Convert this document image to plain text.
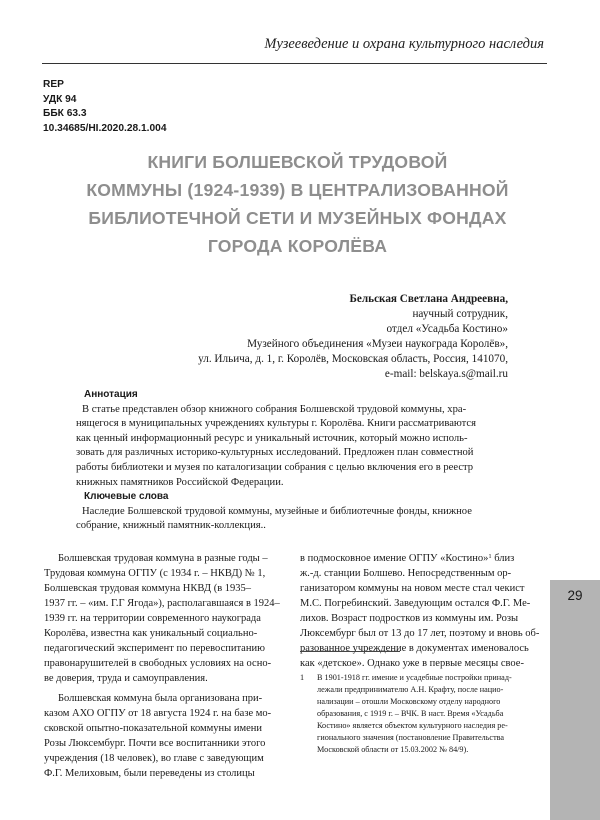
Музееведение и охрана культурного наследия
REP
УДК 94
ББК 63.3
10.34685/HI.2020.28.1.004
КНИГИ БОЛШЕВСКОЙ ТРУДОВОЙ
КОММУНЫ (1924-1939) В ЦЕНТРАЛИЗОВАННОЙ
БИБЛИОТЕЧНОЙ СЕТИ И МУЗЕЙНЫХ ФОНДАХ
ГОРОДА КОРОЛЁВА
Бельская Светлана Андреевна,
научный сотрудник,
отдел «Усадьба Костино»
Музейного объединения «Музеи наукограда Королёв»,
ул. Ильича, д. 1, г. Королёв, Московская область, Россия, 141070,
e-mail: belskaya.s@mail.ru
Аннотация
В статье представлен обзор книжного собрания Болшевской трудовой коммуны, хра-
нящегося в муниципальных учреждениях культуры г. Королёва. Книги рассматриваются
как ценный информационный ресурс и уникальный источник, который можно исполь-
зовать для различных историко-культурных исследований. Предложен план совместной
работы библиотеки и музея по каталогизации собрания с целью включения его в реестр
книжных памятников Российской Федерации.
Ключевые слова
Наследие Болшевской трудовой коммуны, музейные и библиотечные фонды, книжное
собрание, книжный памятник-коллекция..
Болшевская трудовая коммуна в разные годы –
Трудовая коммуна ОГПУ (с 1934 г. – НКВД) № 1,
Болшевская трудовая коммуна НКВД (в 1935–
1937 гг. – «им. Г.Г Ягода»), располагавшаяся в 1924–
1939 гг. на территории современного наукограда
Королёва, известна как уникальный социально-
педагогический эксперимент по перевоспитанию
правонарушителей в свободных условиях на осно-
ве доверия, труда и самоуправления.
Болшевская коммуна была организована при-
казом АХО ОГПУ от 18 августа 1924 г. на базе мо-
сковской опытно-показательной коммуны имени
Розы Люксембург. Почти все воспитанники этого
учреждения (18 человек), во главе с заведующим
Ф.Г. Мелиховым, были переведены из столицы
в подмосковное имение ОГПУ «Костино»$^1$ близ
ж.-д. станции Болшево. Непосредственным ор-
ганизатором коммуны на новом месте стал чекист
М.С. Погребинский. Заведующим остался Ф.Г. Ме-
лихов. Возраст подростков из коммуны им. Розы
Люксембург был от 13 до 17 лет, поэтому и вновь об-
разованное учреждение в документах именовалось
как «детское». Однако уже в первые месяцы свое-
1 В 1901-1918 гг. имение и усадебные постройки принад-
лежали предпринимателю А.Н. Крафту, после нацио-
нализации – отошли Московскому отделу народного
образования, с 1919 г. – ВЧК. В наст. Время «Усадьба
Костино» является объектом культурного наследия ре-
гионального значения (постановление Правительства
Московской области от 15.03.2002 № 84/9).
29
